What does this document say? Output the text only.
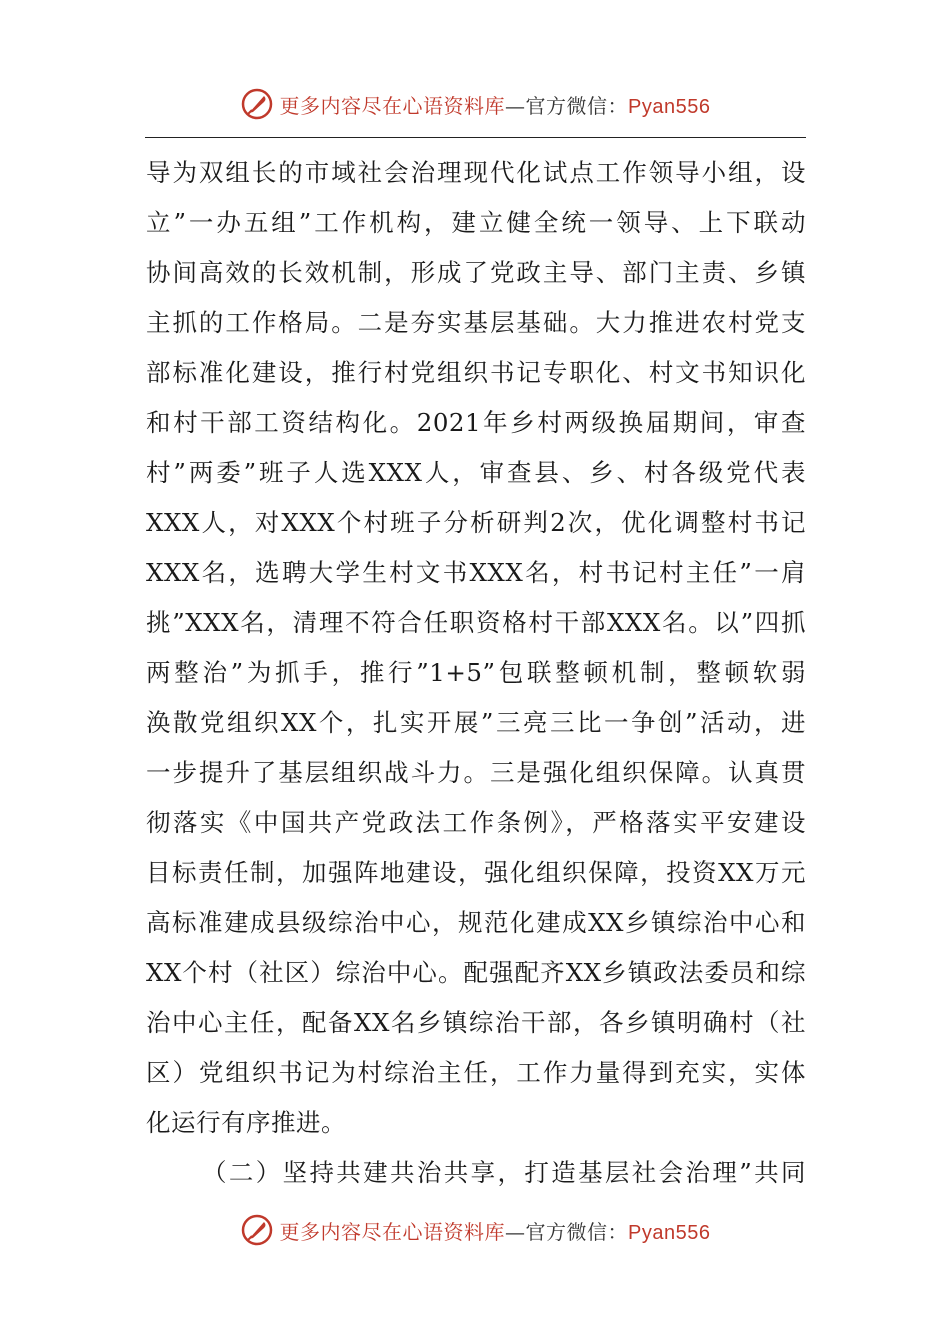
更多内容尽在心语资料库—官方微信：Pyan556
导为双组长的市域社会治理现代化试点工作领导小组，设
立”一办五组”工作机构，建立健全统一领导、上下联动
协间高效的长效机制，形成了党政主导、部门主责、乡镇
主抓的工作格局。二是夯实基层基础。大力推进农村党支
部标准化建设，推行村党组织书记专职化、村文书知识化
和村干部工资结构化。2021年乡村两级换届期间，审查
村”两委”班子人选XXX人，审查县、乡、村各级党代表
XXX人，对XXX个村班子分析研判2次，优化调整村书记
XXX名，选聘大学生村文书XXX名，村书记村主任”一肩
挑”XXX名，清理不符合任职资格村干部XXX名。以”四抓
两整治”为抓手，推行”1+5”包联整顿机制，整顿软弱
涣散党组织XX个，扎实开展”三亮三比一争创”活动，进
一步提升了基层组织战斗力。三是强化组织保障。认真贯
彻落实《中国共产党政法工作条例》，严格落实平安建设
目标责任制，加强阵地建设，强化组织保障，投资XX万元
高标准建成县级综治中心，规范化建成XX乡镇综治中心和
XX个村（社区）综治中心。配强配齐XX乡镇政法委员和综
治中心主任，配备XX名乡镇综治干部，各乡镇明确村（社
区）党组织书记为村综治主任，工作力量得到充实，实体
化运行有序推进。
（二）坚持共建共治共享，打造基层社会治理”共同
更多内容尽在心语资料库—官方微信：Pyan556
